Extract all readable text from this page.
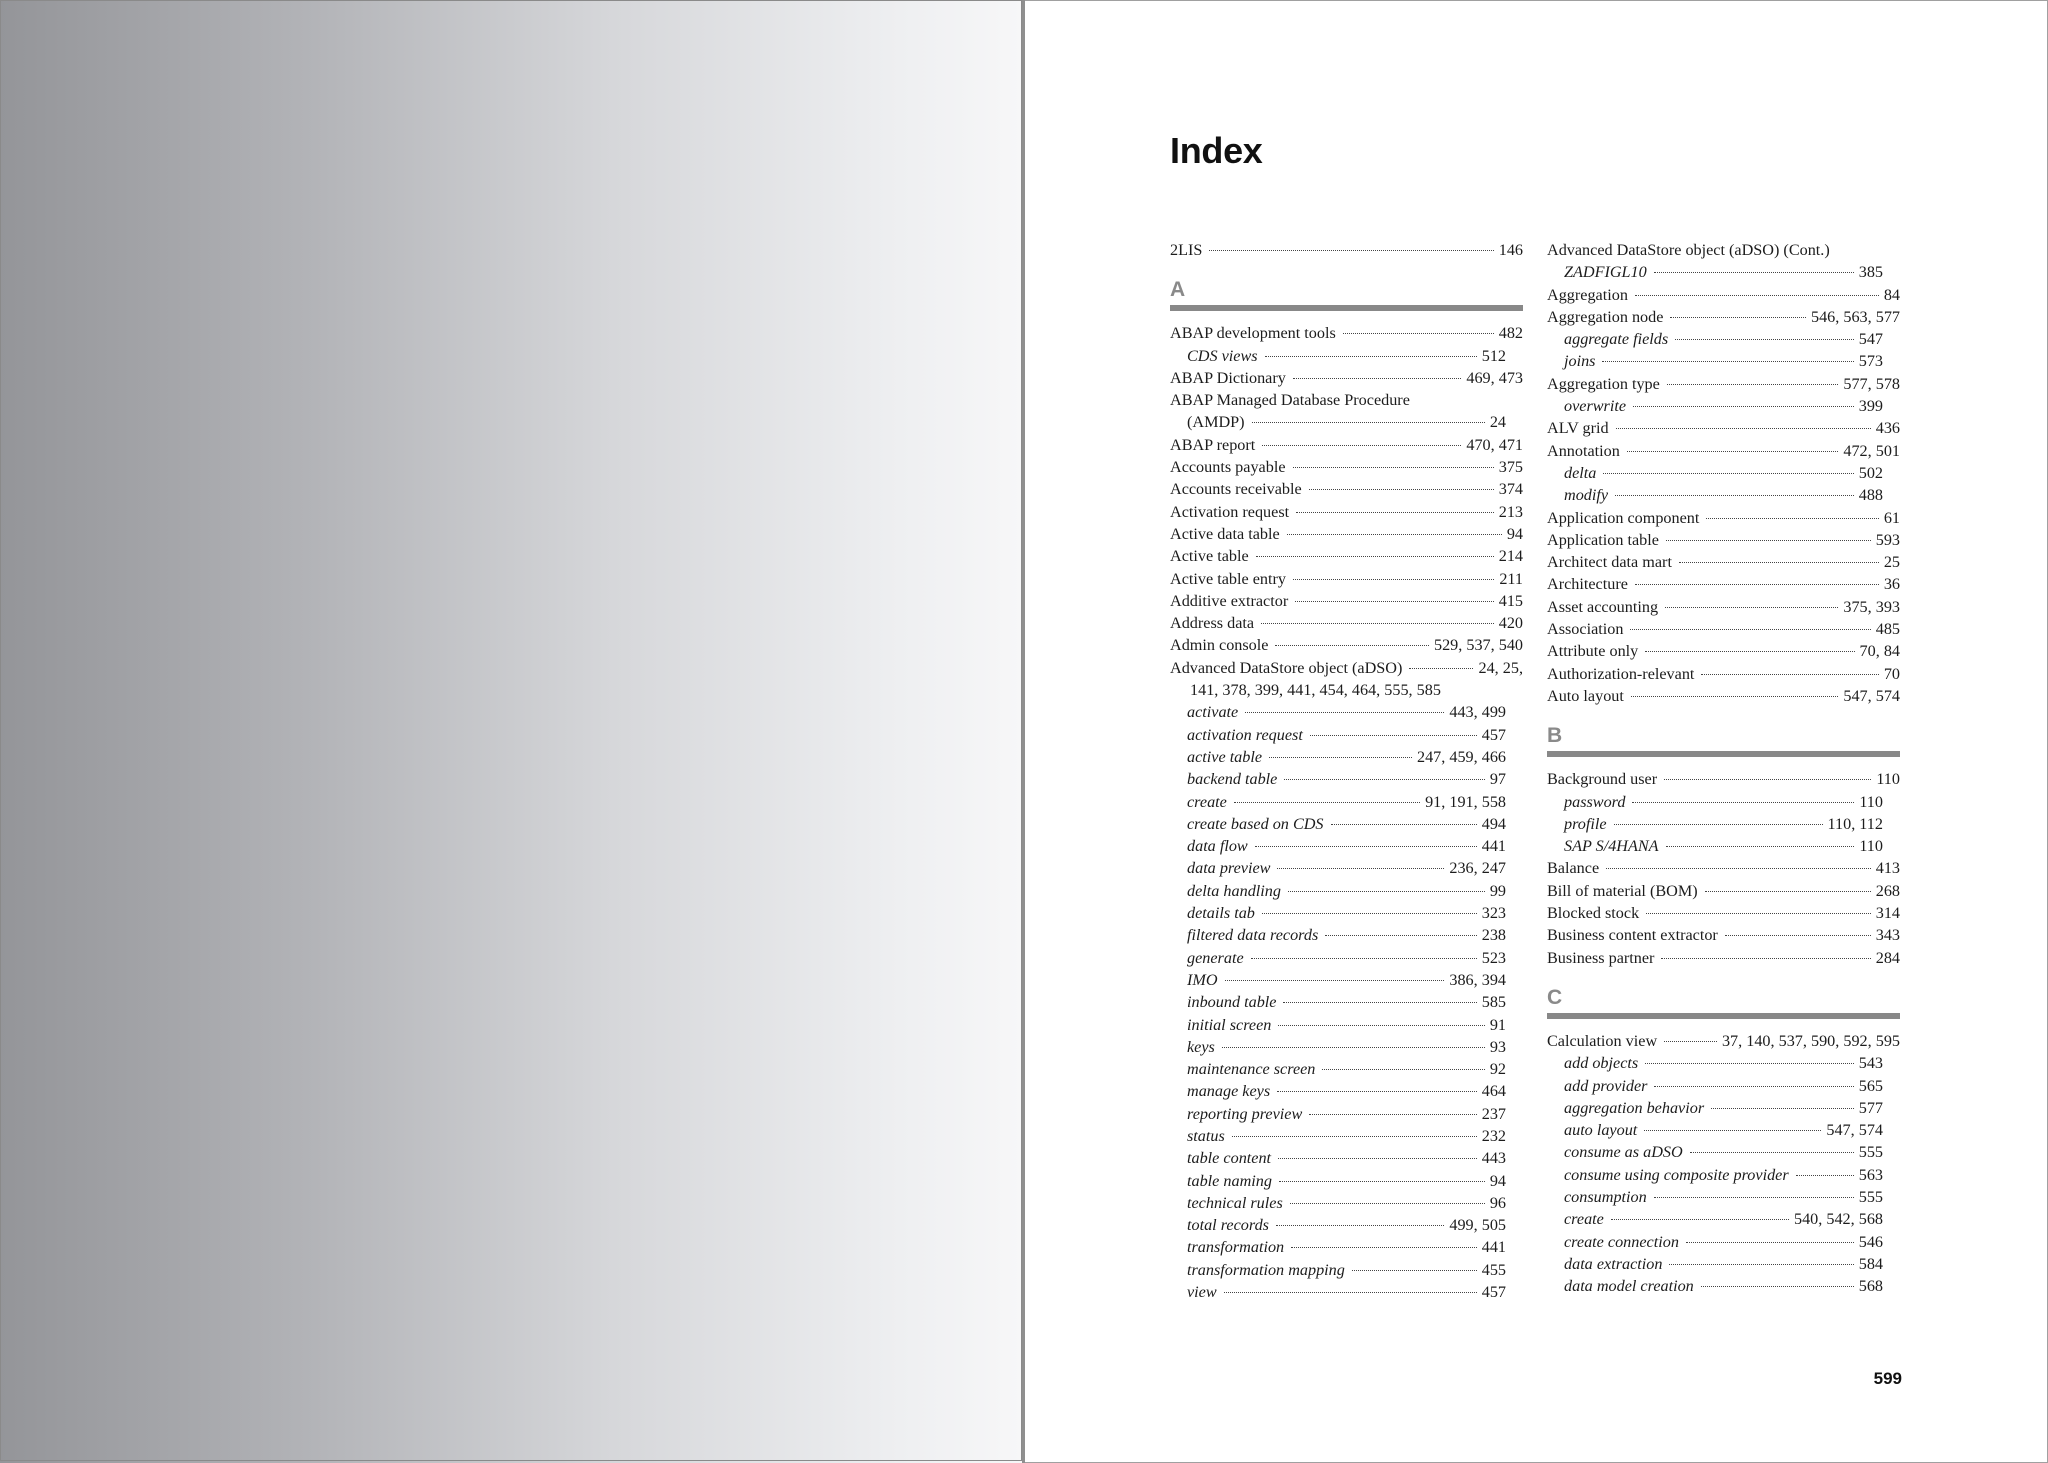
Index
2LIS	146
A
ABAP development tools	482
CDS views	512
ABAP Dictionary	469, 473
ABAP Managed Database Procedure
(AMDP)	24
ABAP report	470, 471
Accounts payable	375
Accounts receivable	374
Activation request	213
Active data table	94
Active table	214
Active table entry	211
Additive extractor	415
Address data	420
Admin console	529, 537, 540
Advanced DataStore object (aDSO)	24, 25,
141, 378, 399, 441, 454, 464, 555, 585
activate	443, 499
activation request	457
active table	247, 459, 466
backend table	97
create	91, 191, 558
create based on CDS	494
data flow	441
data preview	236, 247
delta handling	99
details tab	323
filtered data records	238
generate	523
IMO	386, 394
inbound table	585
initial screen	91
keys	93
maintenance screen	92
manage keys	464
reporting preview	237
status	232
table content	443
table naming	94
technical rules	96
total records	499, 505
transformation	441
transformation mapping	455
view	457
Advanced DataStore object (aDSO) (Cont.)
ZADFIGL10	385
Aggregation	84
Aggregation node	546, 563, 577
aggregate fields	547
joins	573
Aggregation type	577, 578
overwrite	399
ALV grid	436
Annotation	472, 501
delta	502
modify	488
Application component	61
Application table	593
Architect data mart	25
Architecture	36
Asset accounting	375, 393
Association	485
Attribute only	70, 84
Authorization-relevant	70
Auto layout	547, 574
B
Background user	110
password	110
profile	110, 112
SAP S/4HANA	110
Balance	413
Bill of material (BOM)	268
Blocked stock	314
Business content extractor	343
Business partner	284
C
Calculation view	37, 140, 537, 590, 592, 595
add objects	543
add provider	565
aggregation behavior	577
auto layout	547, 574
consume as aDSO	555
consume using composite provider	563
consumption	555
create	540, 542, 568
create connection	546
data extraction	584
data model creation	568
599
